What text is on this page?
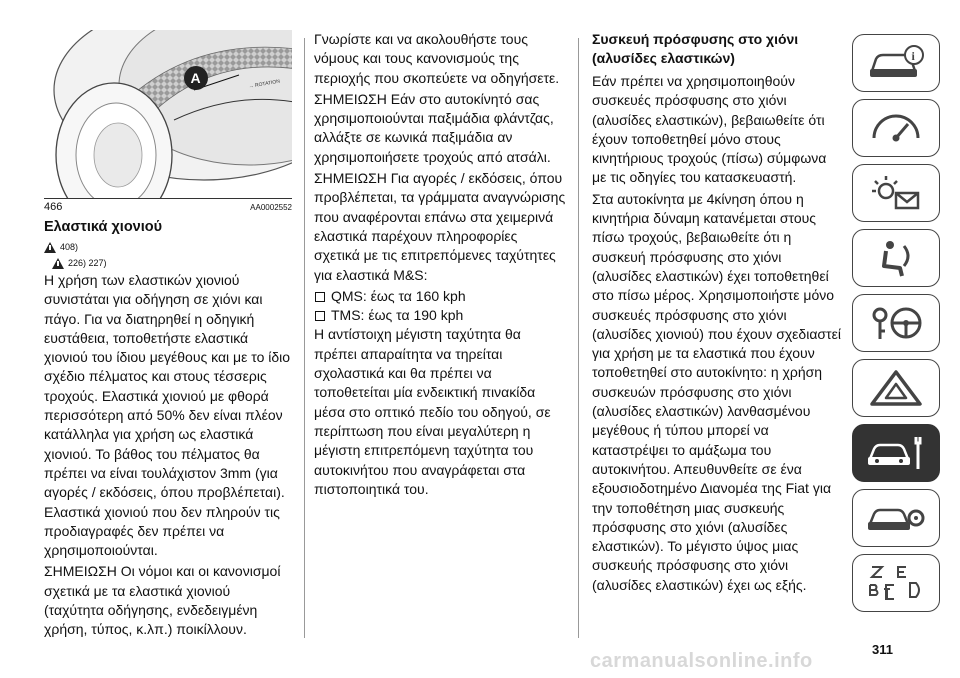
→ ROTATION
A
466	AA0002552
Ελαστικά χιονιού
408)
226) 227)

Η χρήση των ελαστικών χιονιού συνιστάται για οδήγηση σε χιόνι και πάγο. Για να διατηρηθεί η οδηγική ευστάθεια, τοποθετήστε ελαστικά χιονιού του ίδιου μεγέθους και με το ίδιο σχέδιο πέλματος και στους τέσσερις τροχούς. Ελαστικά χιονιού με φθορά περισσότερη από 50% δεν είναι πλέον κατάλληλα για χρήση ως ελαστικά χιονιού. Το βάθος του πέλματος θα πρέπει να είναι τουλάχιστον 3mm (για αγορές / εκδόσεις, όπου προβλέπεται). Ελαστικά χιονιού που δεν πληρούν τις προδιαγραφές δεν πρέπει να χρησιμοποιούνται.

ΣΗΜΕΙΩΣΗ Οι νόμοι και οι κανονισμοί σχετικά με τα ελαστικά χιονιού (ταχύτητα οδήγησης, ενδεδειγμένη χρήση, τύπος, κ.λπ.) ποικίλλουν.

Γνωρίστε και να ακολουθήστε τους νόμους και τους κανονισμούς της περιοχής που σκοπεύετε να οδηγήσετε.

ΣΗΜΕΙΩΣΗ Εάν στο αυτοκίνητό σας χρησιμοποιούνται παξιμάδια φλάντζας, αλλάξτε σε κωνικά παξιμάδια αν χρησιμοποιήσετε τροχούς από ατσάλι.

ΣΗΜΕΙΩΣΗ Για αγορές / εκδόσεις, όπου προβλέπεται, τα γράμματα αναγνώρισης που αναφέρονται επάνω στα χειμερινά ελαστικά παρέχουν πληροφορίες σχετικά με τις επιτρεπόμενες ταχύτητες για ελαστικά M&S:

QMS: έως τα 160 kph
TMS: έως τα 190 kph

Η αντίστοιχη μέγιστη ταχύτητα θα πρέπει απαραίτητα να τηρείται σχολαστικά και θα πρέπει να τοποθετείται μία ενδεικτική πινακίδα μέσα στο οπτικό πεδίο του οδηγού, σε περίπτωση που είναι μεγαλύτερη η μέγιστη επιτρεπόμενη ταχύτητα του αυτοκινήτου που αναγράφεται στα πιστοποιητικά του.

Συσκευή πρόσφυσης στο χιόνι (αλυσίδες ελαστικών)

Εάν πρέπει να χρησιμοποιηθούν συσκευές πρόσφυσης στο χιόνι (αλυσίδες ελαστικών), βεβαιωθείτε ότι έχουν τοποθετηθεί μόνο στους κινητήριους τροχούς (πίσω) σύμφωνα με τις οδηγίες του κατασκευαστή.

Στα αυτοκίνητα με 4κίνηση όπου η κινητήρια δύναμη κατανέμεται στους πίσω τροχούς, βεβαιωθείτε ότι η συσκευή πρόσφυσης στο χιόνι (αλυσίδες ελαστικών) έχει τοποθετηθεί στο πίσω μέρος. Χρησιμοποιήστε μόνο συσκευές πρόσφυσης στο χιόνι (αλυσίδες χιονιού) που έχουν σχεδιαστεί για χρήση με τα ελαστικά που έχουν τοποθετηθεί στο αυτοκίνητο: η χρήση συσκευών πρόσφυσης στο χιόνι (αλυσίδες ελαστικών) λανθασμένου μεγέθους ή τύπου μπορεί να καταστρέψει το αμάξωμα του αυτοκινήτου. Απευθυνθείτε σε ένα εξουσιοδοτημένο Διανομέα της Fiat για την τοποθέτηση μιας συσκευής πρόσφυσης στο χιόνι (αλυσίδες ελαστικών). Το μέγιστο ύψος μιας συσκευής πρόσφυσης στο χιόνι (αλυσίδες ελαστικών) έχει ως εξής.

i
311
carmanualsonline.info
